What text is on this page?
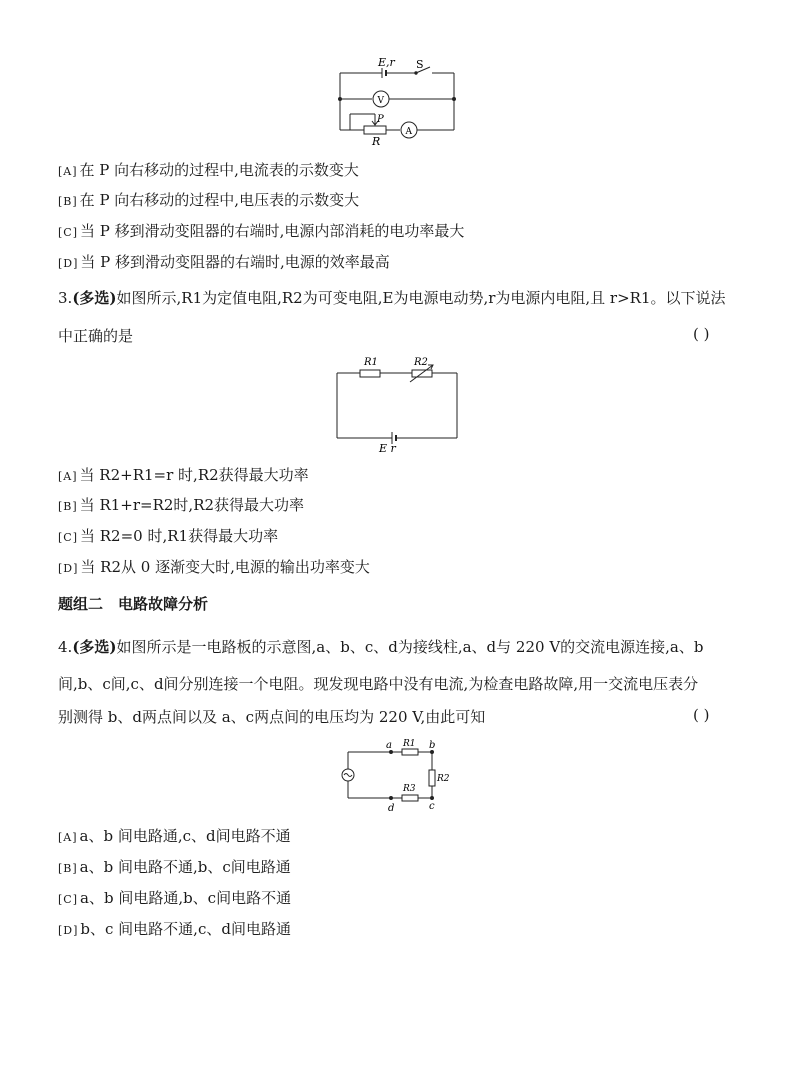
E,r S
V
A
P
R
[A] 在 P 向右移动的过程中,电流表的示数变大
[B] 在 P 向右移动的过程中,电压表的示数变大
[C] 当 P 移到滑动变阻器的右端时,电源内部消耗的电功率最大
[D] 当 P 移到滑动变阻器的右端时,电源的效率最高
3.(多选)如图所示,R1为定值电阻,R2为可变电阻,E为电源电动势,r为电源内电阻,且 r>R1。以下说法
中正确的是	( )
R1	R2
E r
[A] 当 R2+R1=r 时,R2获得最大功率
[B] 当 R1+r=R2时,R2获得最大功率
[C] 当 R2=0 时,R1获得最大功率
[D] 当 R2从 0 逐渐变大时,电源的输出功率变大
题组二　电路故障分析
4.(多选)如图所示是一电路板的示意图,a、b、c、d为接线柱,a、d与 220 V的交流电源连接,a、b
间,b、c间,c、d间分别连接一个电阻。现发现电路中没有电流,为检查电路故障,用一交流电压表分
别测得 b、d两点间以及 a、c两点间的电压均为 220 V,由此可知	( )
a	b
R1
R2
R3
c
d
[A] a、b 间电路通,c、d间电路不通
[B] a、b 间电路不通,b、c间电路通
[C] a、b 间电路通,b、c间电路不通
[D] b、c 间电路不通,c、d间电路通
